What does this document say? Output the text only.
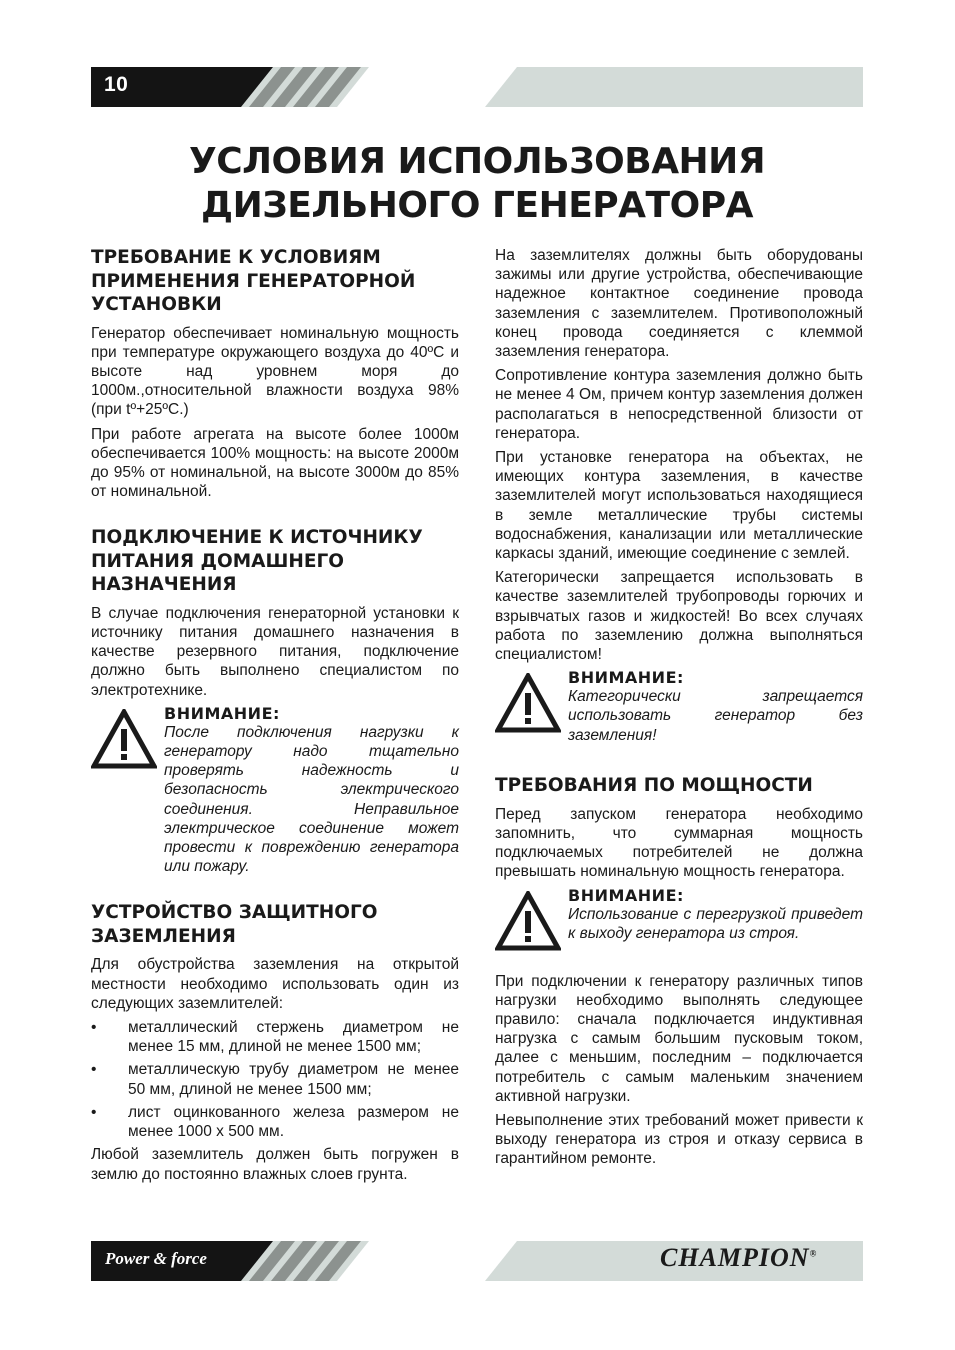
10
УСЛОВИЯ ИСПОЛЬЗОВАНИЯ
ДИЗЕЛЬНОГО ГЕНЕРАТОРА
ТРЕБОВАНИЕ К УСЛОВИЯМ ПРИМЕНЕНИЯ ГЕНЕРАТОРНОЙ УСТАНОВКИ

Генератор обеспечивает номинальную мощность при температуре окружающего воздуха до 40ºС и высоте над уровнем моря до 1000м.,относительной влажности воздуха 98% (при tº+25ºС.)

При работе агрегата на высоте более 1000м обеспечивается 100% мощность: на высоте 2000м до 95% от номинальной, на высоте 3000м до 85% от номинальной.

ПОДКЛЮЧЕНИЕ К ИСТОЧНИКУ ПИТАНИЯ ДОМАШНЕГО НАЗНАЧЕНИЯ

В случае подключения генераторной установки к источнику питания домашнего назначения в качестве резервного питания, подключение должно быть выполнено специалистом по электротехнике.

ВНИМАНИЕ:
После подключения нагрузки к генератору надо тщательно проверять надежность и безопасность электрического соединения. Неправильное электрическое соединение может провести к повреждению генератора или пожару.
УСТРОЙСТВО ЗАЩИТНОГО ЗАЗЕМЛЕНИЯ

Для обустройства заземления на открытой местности необходимо использовать один из следующих заземлителей:

• металлический стержень диаметром не менее 15 мм, длиной не менее 1500 мм;
• металлическую трубу диаметром не менее 50 мм, длиной не менее 1500 мм;
• лист оцинкованного железа размером не менее 1000 х 500 мм.

Любой заземлитель должен быть погружен в землю до постоянно влажных слоев грунта.

На заземлителях должны быть оборудованы зажимы или другие устройства, обеспечивающие надежное контактное соединение провода заземления с заземлителем. Противоположный конец провода соединяется с клеммой заземления генератора.

Сопротивление контура заземления должно быть не менее 4 Ом, причем контур заземления должен располагаться в непосредственной близости от генератора.

При установке генератора на объектах, не имеющих контура заземления, в качестве заземлителей могут использоваться находящиеся в земле металлические трубы системы водоснабжения, канализации или металлические каркасы зданий, имеющие соединение с землей.

Категорически запрещается использовать в качестве заземлителей трубопроводы горючих и взрывчатых газов и жидкостей! Во всех случаях работа по заземлению должна выполняться специалистом!

ВНИМАНИЕ:
Категорически запрещается использовать генератор без заземления!
ТРЕБОВАНИЯ ПО МОЩНОСТИ

Перед запуском генератора необходимо запомнить, что суммарная мощность подключаемых потребителей не должна превышать номинальную мощность генератора.

ВНИМАНИЕ:
Использование с перегрузкой приведет к выходу генератора из строя.

При подключении к генератору различных типов нагрузки необходимо выполнять следующее правило: сначала подключается индуктивная нагрузка с самым большим пусковым током, далее с меньшим, последним – подключается потребитель с самым маленьким значением активной нагрузки.

Невыполнение этих требований может привести к выходу генератора из строя и отказу сервиса в гарантийном ремонте.

Power & force	CHAMPION®
